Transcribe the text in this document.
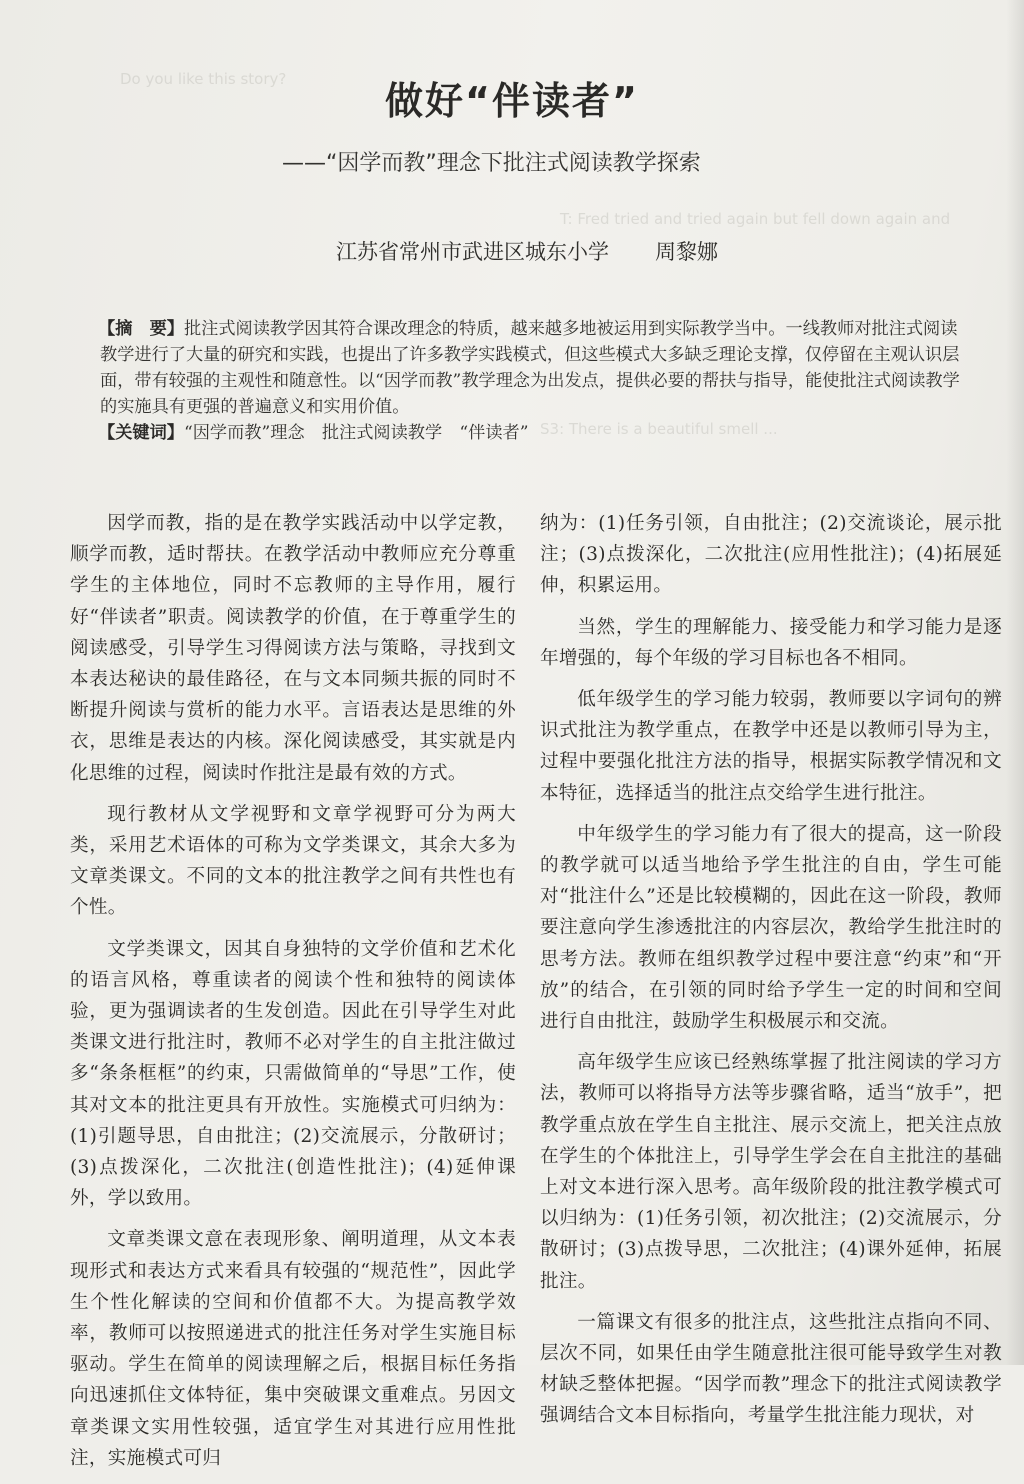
Do you like this story?
T: Fred tried and tried again but fell down again and
S3: There is a beautiful smell ...
做好“伴读者”
——“因学而教”理念下批注式阅读教学探索
江苏省常州市武进区城东小学 周黎娜

【摘　要】批注式阅读教学因其符合课改理念的特质，越来越多地被运用到实际教学当中。一线教师对批注式阅读教学进行了大量的研究和实践，也提出了许多教学实践模式，但这些模式大多缺乏理论支撑，仅停留在主观认识层面，带有较强的主观性和随意性。以“因学而教”教学理念为出发点，提供必要的帮扶与指导，能使批注式阅读教学的实施具有更强的普遍意义和实用价值。

【关键词】“因学而教”理念　批注式阅读教学　“伴读者”

因学而教，指的是在教学实践活动中以学定教，顺学而教，适时帮扶。在教学活动中教师应充分尊重学生的主体地位，同时不忘教师的主导作用，履行好“伴读者”职责。阅读教学的价值，在于尊重学生的阅读感受，引导学生习得阅读方法与策略，寻找到文本表达秘诀的最佳路径，在与文本同频共振的同时不断提升阅读与赏析的能力水平。言语表达是思维的外衣，思维是表达的内核。深化阅读感受，其实就是内化思维的过程，阅读时作批注是最有效的方式。

现行教材从文学视野和文章学视野可分为两大类，采用艺术语体的可称为文学类课文，其余大多为文章类课文。不同的文本的批注教学之间有共性也有个性。

文学类课文，因其自身独特的文学价值和艺术化的语言风格，尊重读者的阅读个性和独特的阅读体验，更为强调读者的生发创造。因此在引导学生对此类课文进行批注时，教师不必对学生的自主批注做过多“条条框框”的约束，只需做简单的“导思”工作，使其对文本的批注更具有开放性。实施模式可归纳为：(1)引题导思，自由批注；(2)交流展示，分散研讨；(3)点拨深化，二次批注(创造性批注)；(4)延伸课外，学以致用。

文章类课文意在表现形象、阐明道理，从文本表现形式和表达方式来看具有较强的“规范性”，因此学生个性化解读的空间和价值都不大。为提高教学效率，教师可以按照递进式的批注任务对学生实施目标驱动。学生在简单的阅读理解之后，根据目标任务指向迅速抓住文体特征，集中突破课文重难点。另因文章类课文实用性较强，适宜学生对其进行应用性批注，实施模式可归

纳为：(1)任务引领，自由批注；(2)交流谈论，展示批注；(3)点拨深化，二次批注(应用性批注)；(4)拓展延伸，积累运用。

当然，学生的理解能力、接受能力和学习能力是逐年增强的，每个年级的学习目标也各不相同。

低年级学生的学习能力较弱，教师要以字词句的辨识式批注为教学重点，在教学中还是以教师引导为主，过程中要强化批注方法的指导，根据实际教学情况和文本特征，选择适当的批注点交给学生进行批注。

中年级学生的学习能力有了很大的提高，这一阶段的教学就可以适当地给予学生批注的自由，学生可能对“批注什么”还是比较模糊的，因此在这一阶段，教师要注意向学生渗透批注的内容层次，教给学生批注时的思考方法。教师在组织教学过程中要注意“约束”和“开放”的结合，在引领的同时给予学生一定的时间和空间进行自由批注，鼓励学生积极展示和交流。

高年级学生应该已经熟练掌握了批注阅读的学习方法，教师可以将指导方法等步骤省略，适当“放手”，把教学重点放在学生自主批注、展示交流上，把关注点放在学生的个体批注上，引导学生学会在自主批注的基础上对文本进行深入思考。高年级阶段的批注教学模式可以归纳为：(1)任务引领，初次批注；(2)交流展示，分散研讨；(3)点拨导思，二次批注；(4)课外延伸，拓展批注。

一篇课文有很多的批注点，这些批注点指向不同、层次不同，如果任由学生随意批注很可能导致学生对教材缺乏整体把握。“因学而教”理念下的批注式阅读教学强调结合文本目标指向，考量学生批注能力现状，对
